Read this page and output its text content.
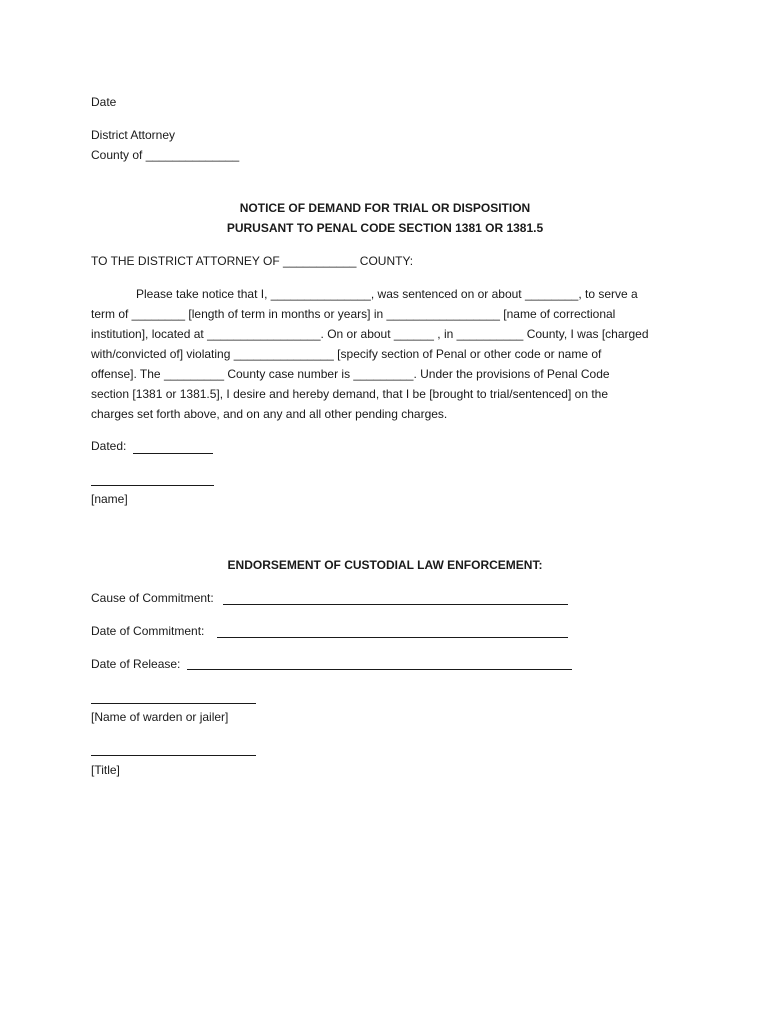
Date
District Attorney
County of ______________
NOTICE OF DEMAND FOR TRIAL OR DISPOSITION
PURUSANT TO PENAL CODE SECTION 1381 OR 1381.5
TO THE DISTRICT ATTORNEY OF ___________ COUNTY:
Please take notice that I, _______________, was sentenced on or about ________, to serve a
term of ________ [length of term in months or years] in _________________ [name of correctional
institution], located at _________________. On or about ______ , in __________ County, I was [charged
with/convicted of] violating _______________ [specify section of Penal or other code or name of
offense]. The _________ County case number is _________. Under the provisions of Penal Code
section [1381 or 1381.5], I desire and hereby demand, that I be [brought to trial/sentenced] on the
charges set forth above, and on any and all other pending charges.
Dated:
[name]
ENDORSEMENT OF CUSTODIAL LAW ENFORCEMENT:
Cause of Commitment:
Date of Commitment:
Date of Release:
[Name of warden or jailer]
[Title]
